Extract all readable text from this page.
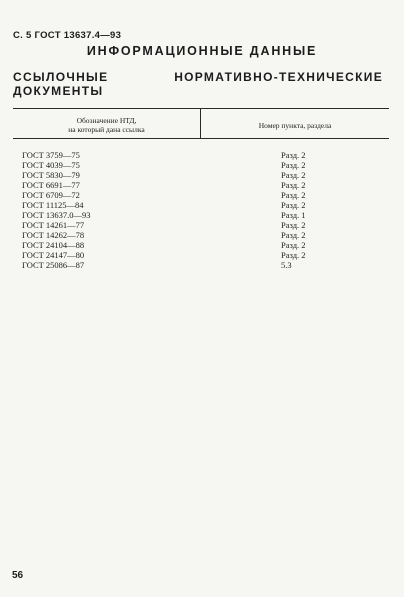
С. 5 ГОСТ 13637.4—93
ИНФОРМАЦИОННЫЕ ДАННЫЕ
ССЫЛОЧНЫЕ НОРМАТИВНО-ТЕХНИЧЕСКИЕ ДОКУМЕНТЫ
Обозначение НТД,
на который дана ссылка	Номер пункта, раздела
ГОСТ 3759—75	Разд. 2
ГОСТ 4039—75	Разд. 2
ГОСТ 5830—79	Разд. 2
ГОСТ 6691—77	Разд. 2
ГОСТ 6709—72	Разд. 2
ГОСТ 11125—84	Разд. 2
ГОСТ 13637.0—93	Разд. 1
ГОСТ 14261—77	Разд. 2
ГОСТ 14262—78	Разд. 2
ГОСТ 24104—88	Разд. 2
ГОСТ 24147—80	Разд. 2
ГОСТ 25086—87	5.3
56
